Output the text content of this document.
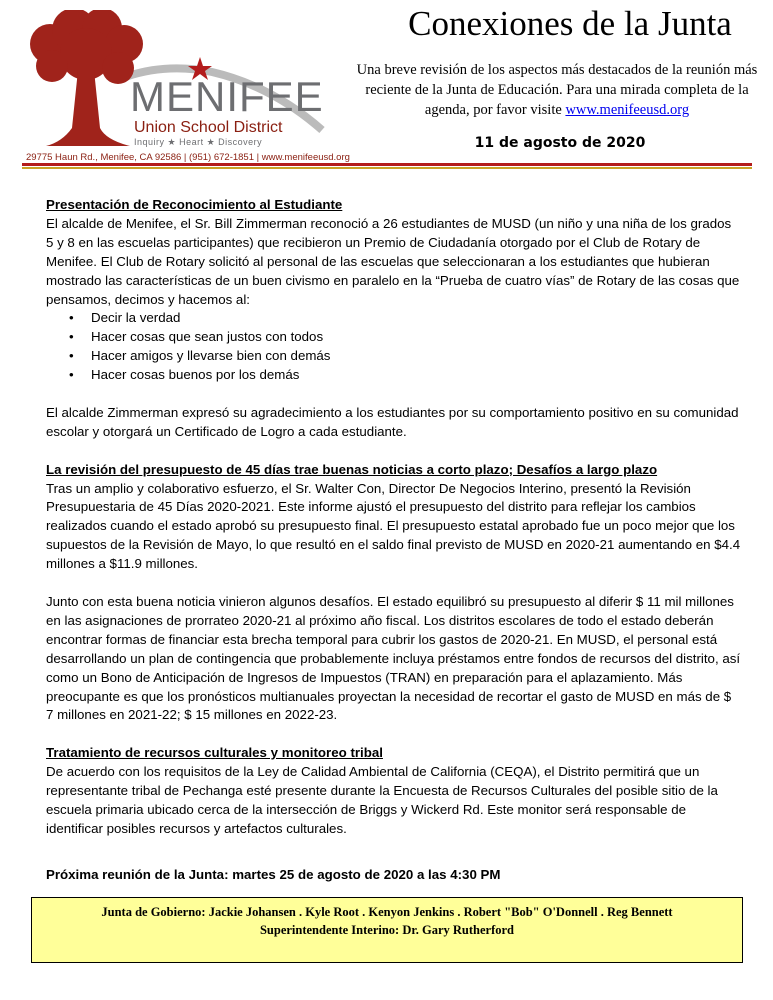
MENIFEE
Union School District
Inquiry ★ Heart ★ Discovery
29775 Haun Rd., Menifee, CA 92586 | (951) 672-1851 | www.menifeeusd.org
Conexiones de la Junta
Una breve revisión de los aspectos más destacados de la reunión más reciente de la Junta de Educación. Para una mirada completa de la agenda, por favor visite www.menifeeusd.org
11 de agosto de 2020
Presentación de Reconocimiento al Estudiante

El alcalde de Menifee, el Sr. Bill Zimmerman reconoció a 26 estudiantes de MUSD (un niño y una niña de los grados 5 y 8 en las escuelas participantes) que recibieron un Premio de Ciudadanía otorgado por el Club de Rotary de Menifee. El Club de Rotary solicitó al personal de las escuelas que seleccionaran a los estudiantes que hubieran mostrado las características de un buen civismo en paralelo en la “Prueba de cuatro vías” de Rotary de las cosas que pensamos, decimos y hacemos al:

• Decir la verdad
• Hacer cosas que sean justos con todos
• Hacer amigos y llevarse bien con demás
• Hacer cosas buenos por los demás

El alcalde Zimmerman expresó su agradecimiento a los estudiantes por su comportamiento positivo en su comunidad escolar y otorgará un Certificado de Logro a cada estudiante.

La revisión del presupuesto de 45 días trae buenas noticias a corto plazo; Desafíos a largo plazo

Tras un amplio y colaborativo esfuerzo, el Sr. Walter Con, Director De Negocios Interino, presentó la Revisión Presupuestaria de 45 Días 2020-2021. Este informe ajustó el presupuesto del distrito para reflejar los cambios realizados cuando el estado aprobó su presupuesto final. El presupuesto estatal aprobado fue un poco mejor que los supuestos de la Revisión de Mayo, lo que resultó en el saldo final previsto de MUSD en 2020-21 aumentando en $4.4 millones a $11.9 millones.

Junto con esta buena noticia vinieron algunos desafíos. El estado equilibró su presupuesto al diferir $ 11 mil millones en las asignaciones de prorrateo 2020-21 al próximo año fiscal. Los distritos escolares de todo el estado deberán encontrar formas de financiar esta brecha temporal para cubrir los gastos de 2020-21. En MUSD, el personal está desarrollando un plan de contingencia que probablemente incluya préstamos entre fondos de recursos del distrito, así como un Bono de Anticipación de Ingresos de Impuestos (TRAN) en preparación para el aplazamiento. Más preocupante es que los pronósticos multianuales proyectan la necesidad de recortar el gasto de MUSD en más de $ 7 millones en 2021-22; $ 15 millones en 2022-23.

Tratamiento de recursos culturales y monitoreo tribal

De acuerdo con los requisitos de la Ley de Calidad Ambiental de California (CEQA), el Distrito permitirá que un representante tribal de Pechanga esté presente durante la Encuesta de Recursos Culturales del posible sitio de la escuela primaria ubicado cerca de la intersección de Briggs y Wickerd Rd. Este monitor será responsable de identificar posibles recursos y artefactos culturales.

Próxima reunión de la Junta: martes 25 de agosto de 2020 a las 4:30 PM
Junta de Gobierno: Jackie Johansen . Kyle Root . Kenyon Jenkins . Robert "Bob" O'Donnell . Reg Bennett
Superintendente Interino: Dr. Gary Rutherford
